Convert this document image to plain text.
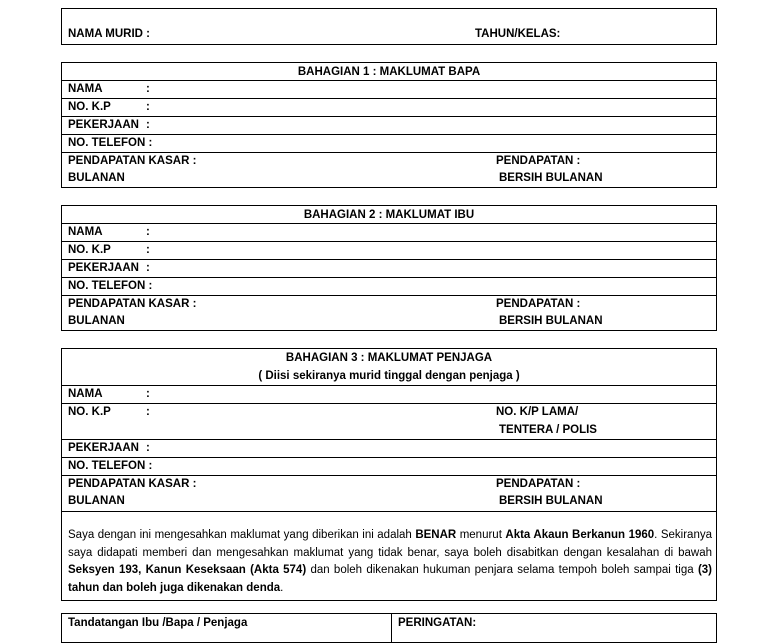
NAMA MURID :	TAHUN/KELAS:
BAHAGIAN 1 : MAKLUMAT BAPA
NAMA	:
NO. K.P	:
PEKERJAAN :
NO. TELEFON :
PENDAPATAN KASAR :
BULANAN
PENDAPATAN :
BERSIH BULANAN
BAHAGIAN 2 : MAKLUMAT IBU
NAMA	:
NO. K.P	:
PEKERJAAN :
NO. TELEFON :
PENDAPATAN KASAR :
BULANAN
PENDAPATAN :
BERSIH BULANAN
BAHAGIAN 3 : MAKLUMAT PENJAGA
( Diisi sekiranya murid tinggal dengan penjaga )
NAMA	:
NO. K.P	:	NO. K/P LAMA/
TENTERA / POLIS
PEKERJAAN :
NO. TELEFON :
PENDAPATAN KASAR :
BULANAN
PENDAPATAN :
BERSIH BULANAN
Saya dengan ini mengesahkan maklumat yang diberikan ini adalah BENAR menurut Akta Akaun Berkanun 1960. Sekiranya saya didapati memberi dan mengesahkan maklumat yang tidak benar, saya boleh disabitkan dengan kesalahan di bawah Seksyen 193, Kanun Keseksaan (Akta 574) dan boleh dikenakan hukuman penjara selama tempoh boleh sampai tiga (3) tahun dan boleh juga dikenakan denda.
Tandatangan Ibu /Bapa / Penjaga	PERINGATAN:
